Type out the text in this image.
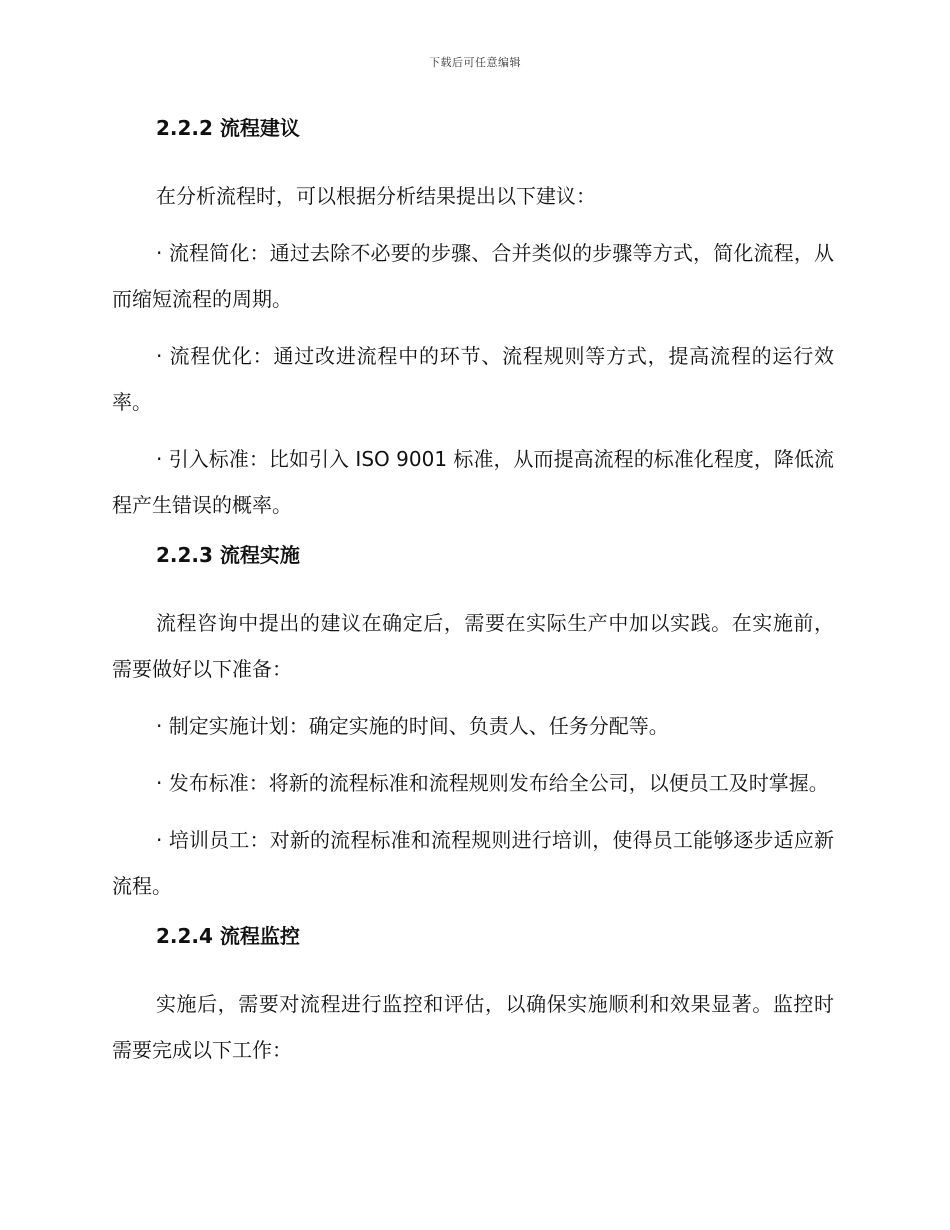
下载后可任意编辑
2.2.2 流程建议

在分析流程时，可以根据分析结果提出以下建议：

· 流程简化：通过去除不必要的步骤、合并类似的步骤等方式，简化流程，从而缩短流程的周期。

· 流程优化：通过改进流程中的环节、流程规则等方式，提高流程的运行效率。

· 引入标准：比如引入 ISO 9001 标准，从而提高流程的标准化程度，降低流程产生错误的概率。

2.2.3 流程实施

流程咨询中提出的建议在确定后，需要在实际生产中加以实践。在实施前，需要做好以下准备：

· 制定实施计划：确定实施的时间、负责人、任务分配等。

· 发布标准：将新的流程标准和流程规则发布给全公司，以便员工及时掌握。

· 培训员工：对新的流程标准和流程规则进行培训，使得员工能够逐步适应新流程。

2.2.4 流程监控

实施后，需要对流程进行监控和评估，以确保实施顺利和效果显著。监控时需要完成以下工作：
